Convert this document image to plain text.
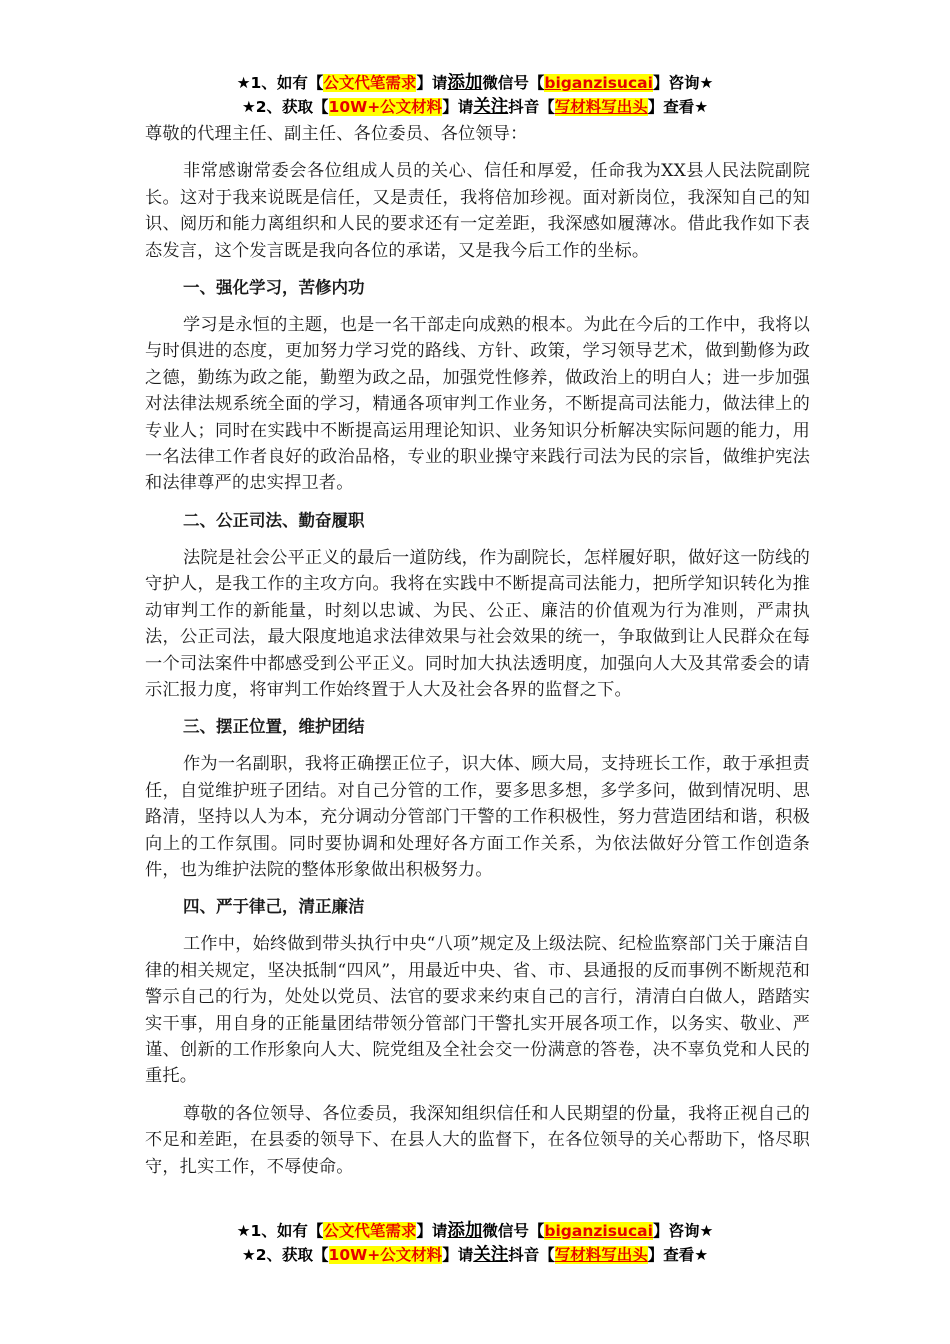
★1、如有【公文代笔需求】请添加微信号【biganzisucai】咨询★
★2、获取【10W+公文材料】请关注抖音【写材料写出头】查看★

尊敬的代理主任、副主任、各位委员、各位领导：

非常感谢常委会各位组成人员的关心、信任和厚爱，任命我为XX县人民法院副院长。这对于我来说既是信任，又是责任，我将倍加珍视。面对新岗位，我深知自己的知识、阅历和能力离组织和人民的要求还有一定差距，我深感如履薄冰。借此我作如下表态发言，这个发言既是我向各位的承诺，又是我今后工作的坐标。

一、强化学习，苦修内功

学习是永恒的主题，也是一名干部走向成熟的根本。为此在今后的工作中，我将以与时俱进的态度，更加努力学习党的路线、方针、政策，学习领导艺术，做到勤修为政之德，勤练为政之能，勤塑为政之品，加强党性修养，做政治上的明白人；进一步加强对法律法规系统全面的学习，精通各项审判工作业务，不断提高司法能力，做法律上的专业人；同时在实践中不断提高运用理论知识、业务知识分析解决实际问题的能力，用一名法律工作者良好的政治品格，专业的职业操守来践行司法为民的宗旨，做维护宪法和法律尊严的忠实捍卫者。

二、公正司法、勤奋履职

法院是社会公平正义的最后一道防线，作为副院长，怎样履好职，做好这一防线的守护人，是我工作的主攻方向。我将在实践中不断提高司法能力，把所学知识转化为推动审判工作的新能量，时刻以忠诚、为民、公正、廉洁的价值观为行为准则，严肃执法，公正司法，最大限度地追求法律效果与社会效果的统一，争取做到让人民群众在每一个司法案件中都感受到公平正义。同时加大执法透明度，加强向人大及其常委会的请示汇报力度，将审判工作始终置于人大及社会各界的监督之下。

三、摆正位置，维护团结

作为一名副职，我将正确摆正位子，识大体、顾大局，支持班长工作，敢于承担责任，自觉维护班子团结。对自己分管的工作，要多思多想，多学多问，做到情况明、思路清，坚持以人为本，充分调动分管部门干警的工作积极性，努力营造团结和谐，积极向上的工作氛围。同时要协调和处理好各方面工作关系，为依法做好分管工作创造条件，也为维护法院的整体形象做出积极努力。

四、严于律己，清正廉洁

工作中，始终做到带头执行中央“八项”规定及上级法院、纪检监察部门关于廉洁自律的相关规定，坚决抵制“四风”，用最近中央、省、市、县通报的反而事例不断规范和警示自己的行为，处处以党员、法官的要求来约束自己的言行，清清白白做人，踏踏实实干事，用自身的正能量团结带领分管部门干警扎实开展各项工作，以务实、敬业、严谨、创新的工作形象向人大、院党组及全社会交一份满意的答卷，决不辜负党和人民的重托。

尊敬的各位领导、各位委员，我深知组织信任和人民期望的份量，我将正视自己的不足和差距，在县委的领导下、在县人大的监督下，在各位领导的关心帮助下，恪尽职守，扎实工作，不辱使命。

★1、如有【公文代笔需求】请添加微信号【biganzisucai】咨询★
★2、获取【10W+公文材料】请关注抖音【写材料写出头】查看★
